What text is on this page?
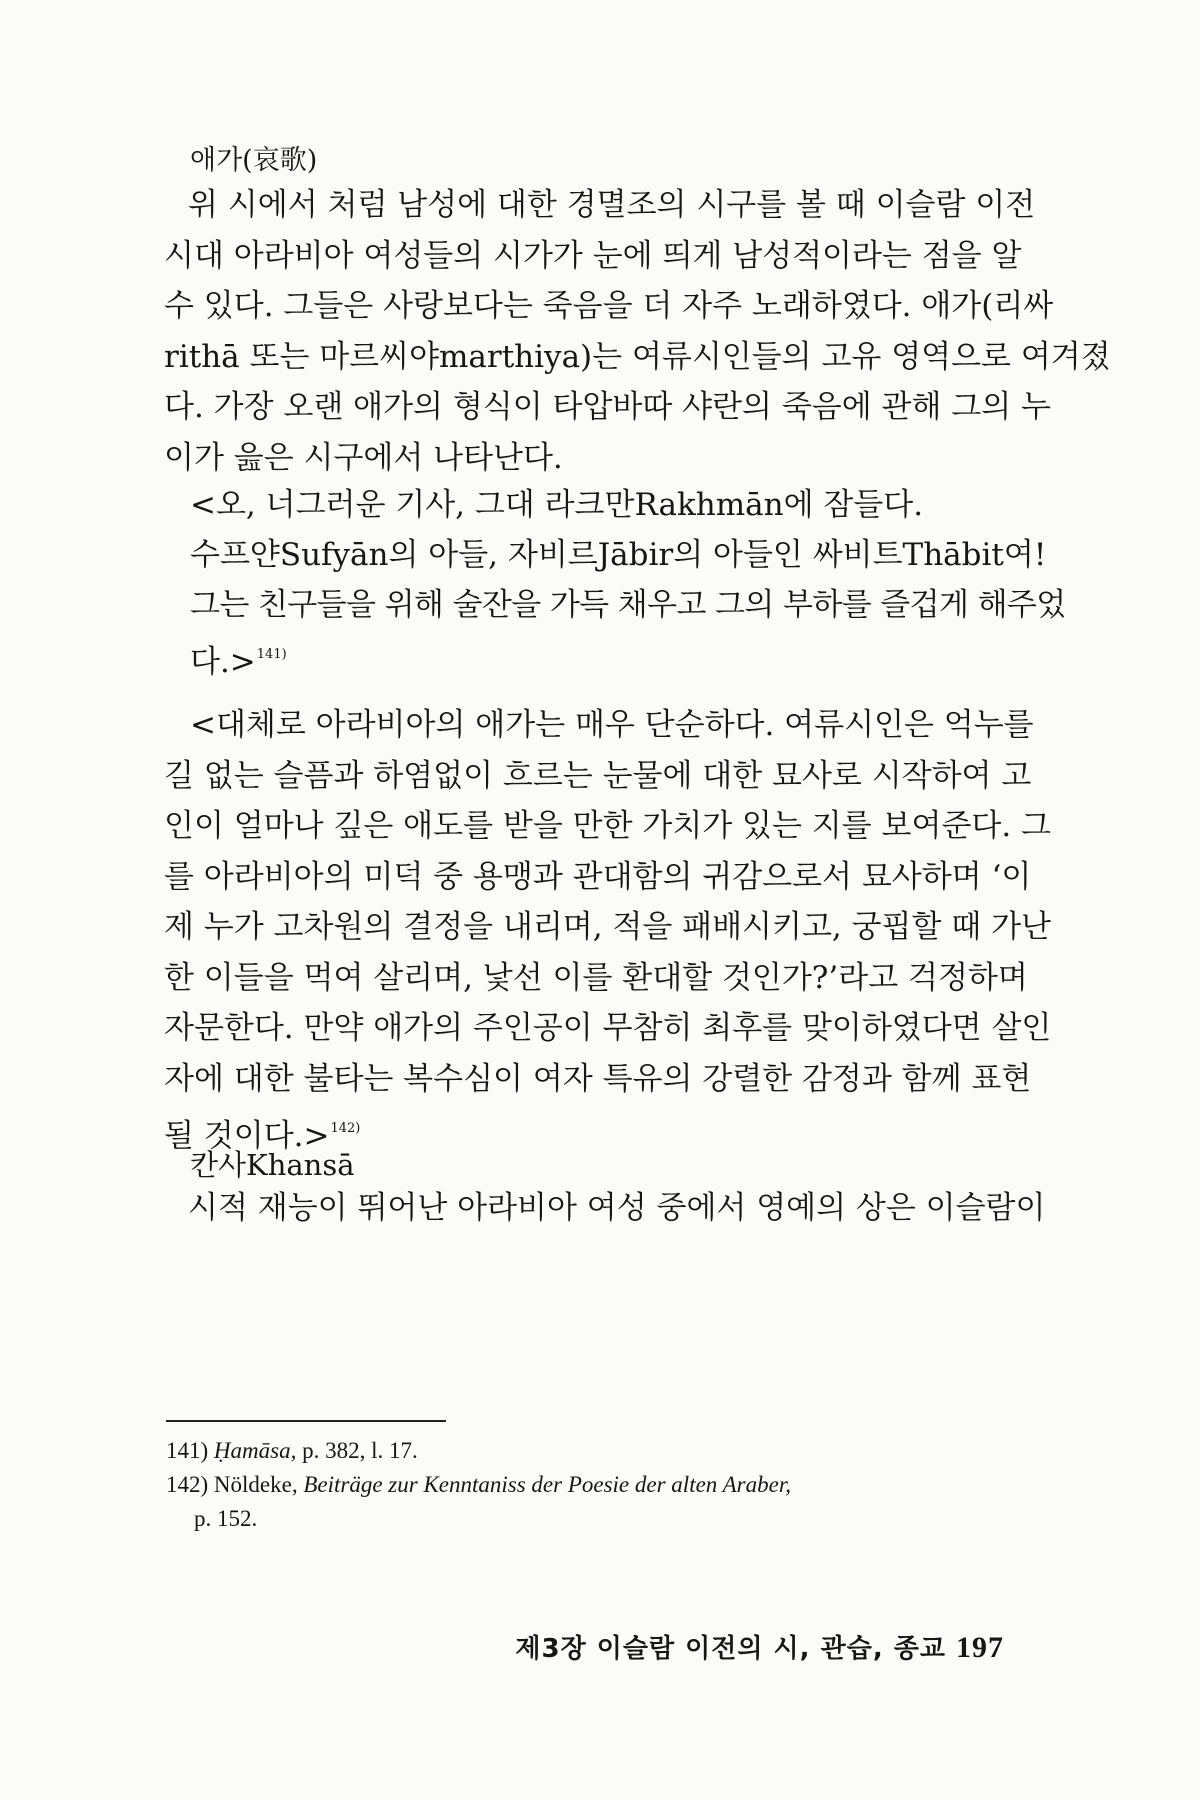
애가(哀歌)
위 시에서 처럼 남성에 대한 경멸조의 시구를 볼 때 이슬람 이전
시대 아라비아 여성들의 시가가 눈에 띄게 남성적이라는 점을 알
수 있다. 그들은 사랑보다는 죽음을 더 자주 노래하였다. 애가(리싸
rithā 또는 마르씨야marthiya)는 여류시인들의 고유 영역으로 여겨졌
다. 가장 오랜 애가의 형식이 타압바따 샤란의 죽음에 관해 그의 누
이가 읊은 시구에서 나타난다.
<오, 너그러운 기사, 그대 라크만Rakhmān에 잠들다.
수프얀Sufyān의 아들, 자비르Jābir의 아들인 싸비트Thābit여!
그는 친구들을 위해 술잔을 가득 채우고 그의 부하를 즐겁게 해주었
다.>$^{141)}$
<대체로 아라비아의 애가는 매우 단순하다. 여류시인은 억누를
길 없는 슬픔과 하염없이 흐르는 눈물에 대한 묘사로 시작하여 고
인이 얼마나 깊은 애도를 받을 만한 가치가 있는 지를 보여준다. 그
를 아라비아의 미덕 중 용맹과 관대함의 귀감으로서 묘사하며 ‘이
제 누가 고차원의 결정을 내리며, 적을 패배시키고, 궁핍할 때 가난
한 이들을 먹여 살리며, 낯선 이를 환대할 것인가?’라고 걱정하며
자문한다. 만약 애가의 주인공이 무참히 최후를 맞이하였다면 살인
자에 대한 불타는 복수심이 여자 특유의 강렬한 감정과 함께 표현
될 것이다.>$^{142)}$
칸사Khansā
시적 재능이 뛰어난 아라비아 여성 중에서 영예의 상은 이슬람이
141) Ḥamāsa, p. 382, l. 17.
142) Nöldeke, Beiträge zur Kenntaniss der Poesie der alten Araber,
p. 152.
제3장 이슬람 이전의 시, 관습, 종교 197
